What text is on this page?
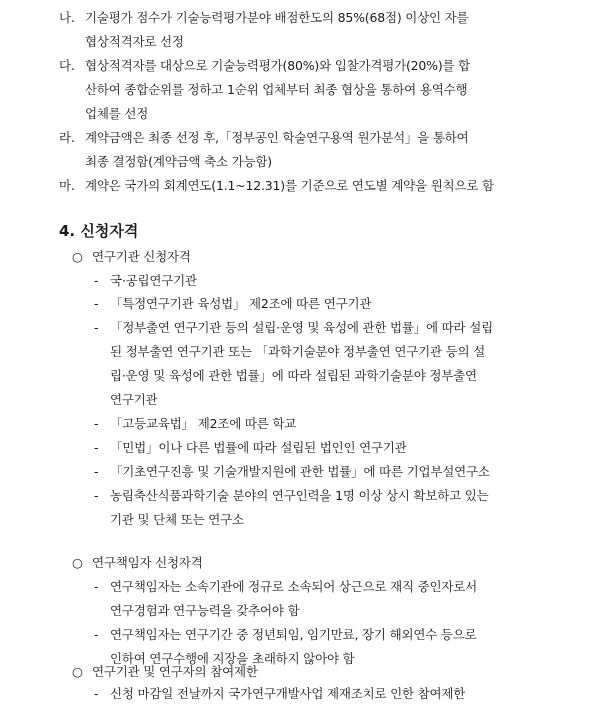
나. 기술평가 점수가 기술능력평가분야 배점한도의 85%(68점) 이상인 자를
협상적격자로 선정
다. 협상적격자를 대상으로 기술능력평가(80%)와 입찰가격평가(20%)를 합
산하여 종합순위를 정하고 1순위 업체부터 최종 협상을 통하여 용역수행
업체를 선정
라. 계약금액은 최종 선정 후,「정부공인 학술연구용역 원가분석」을 통하여
최종 결정함(계약금액 축소 가능함)
마. 계약은 국가의 회계연도(1.1~12.31)를 기준으로 연도별 계약을 원칙으로 함
4. 신청자격
○ 연구기관 신청자격
- 국·공립연구기관
- 「특정연구기관 육성법」 제2조에 따른 연구기관
- 「정부출연 연구기관 등의 설립·운영 및 육성에 관한 법률」에 따라 설립
된 정부출연 연구기관 또는 「과학기술분야 정부출연 연구기관 등의 설
립·운영 및 육성에 관한 법률」에 따라 설립된 과학기술분야 정부출연
연구기관
- 「고등교육법」 제2조에 따른 학교
- 「민법」이나 다른 법률에 따라 설립된 법인인 연구기관
- 「기초연구진흥 및 기술개발지원에 관한 법률」에 따른 기업부설연구소
- 농림축산식품과학기술 분야의 연구인력을 1명 이상 상시 확보하고 있는
기관 및 단체 또는 연구소
○ 연구책임자 신청자격
- 연구책임자는 소속기관에 정규로 소속되어 상근으로 재직 중인자로서
연구경험과 연구능력을 갖추어야 함
- 연구책임자는 연구기간 중 정년퇴임, 임기만료, 장기 해외연수 등으로
인하여 연구수행에 지장을 초래하지 않아야 함
○ 연구기관 및 연구자의 참여제한
- 신청 마감일 전날까지 국가연구개발사업 제재조치로 인한 참여제한
